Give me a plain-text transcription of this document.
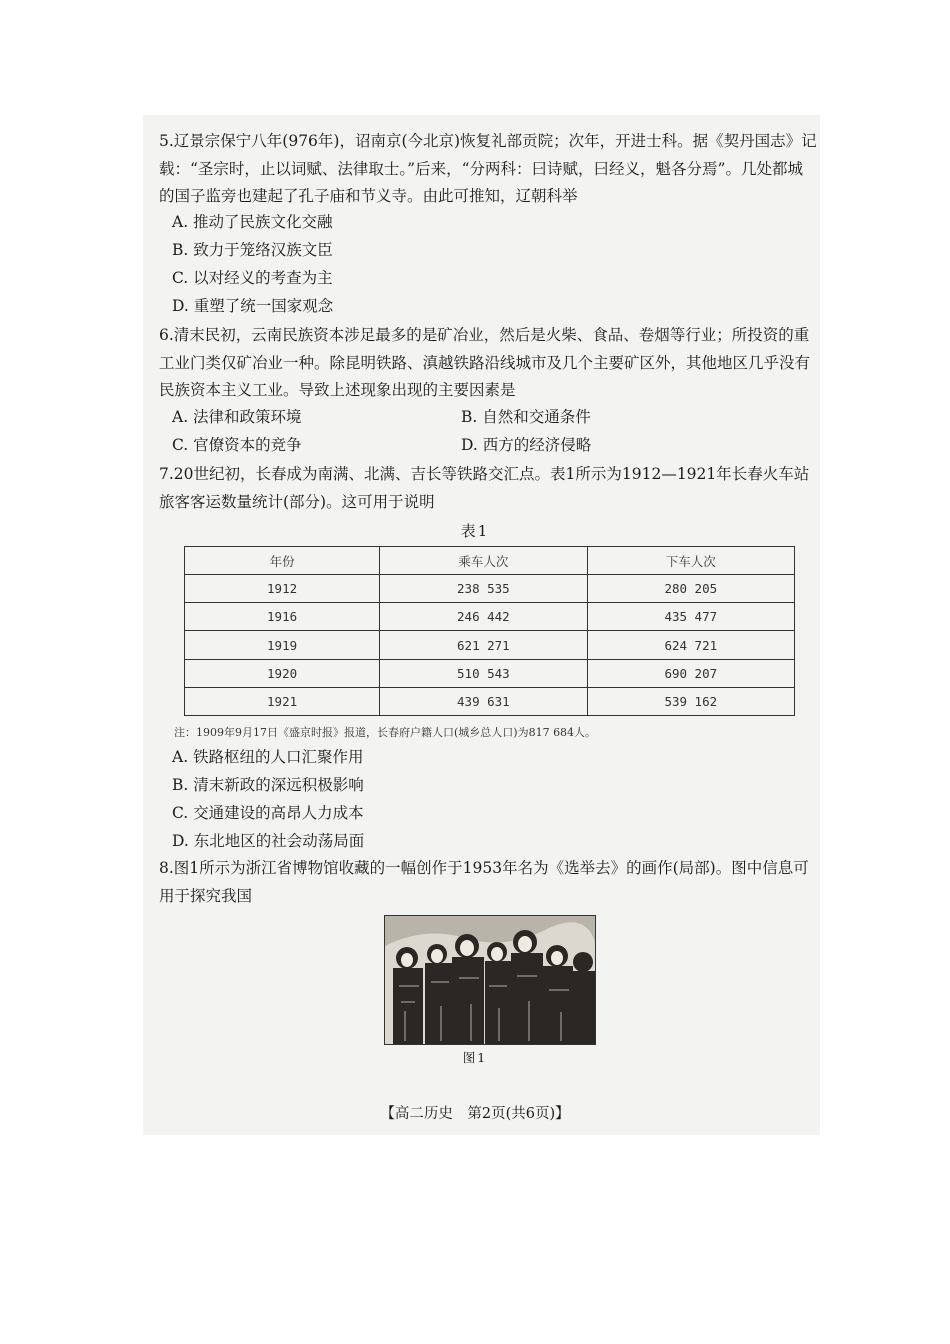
5.辽景宗保宁八年(976年)，诏南京(今北京)恢复礼部贡院；次年，开进士科。据《契丹国志》记载：“圣宗时，止以词赋、法律取士。”后来，“分两科：曰诗赋，曰经义，魁各分焉”。几处都城的国子监旁也建起了孔子庙和节义寺。由此可推知，辽朝科举
A. 推动了民族文化交融
B. 致力于笼络汉族文臣
C. 以对经义的考查为主
D. 重塑了统一国家观念
6.清末民初，云南民族资本涉足最多的是矿冶业，然后是火柴、食品、卷烟等行业；所投资的重工业门类仅矿冶业一种。除昆明铁路、滇越铁路沿线城市及几个主要矿区外，其他地区几乎没有民族资本主义工业。导致上述现象出现的主要因素是
A. 法律和政策环境	B. 自然和交通条件
C. 官僚资本的竞争	D. 西方的经济侵略
7.20世纪初，长春成为南满、北满、吉长等铁路交汇点。表1所示为1912—1921年长春火车站旅客客运数量统计(部分)。这可用于说明
表1
年份	乘车人次	下车人次
1912	238 535	280 205
1916	246 442	435 477
1919	621 271	624 721
1920	510 543	690 207
1921	439 631	539 162
注：1909年9月17日《盛京时报》报道，长春府户籍人口(城乡总人口)为817 684人。
A. 铁路枢纽的人口汇聚作用
B. 清末新政的深远积极影响
C. 交通建设的高昂人力成本
D. 东北地区的社会动荡局面
8.图1所示为浙江省博物馆收藏的一幅创作于1953年名为《选举去》的画作(局部)。图中信息可用于探究我国
图1
【高二历史　第2页(共6页)】
